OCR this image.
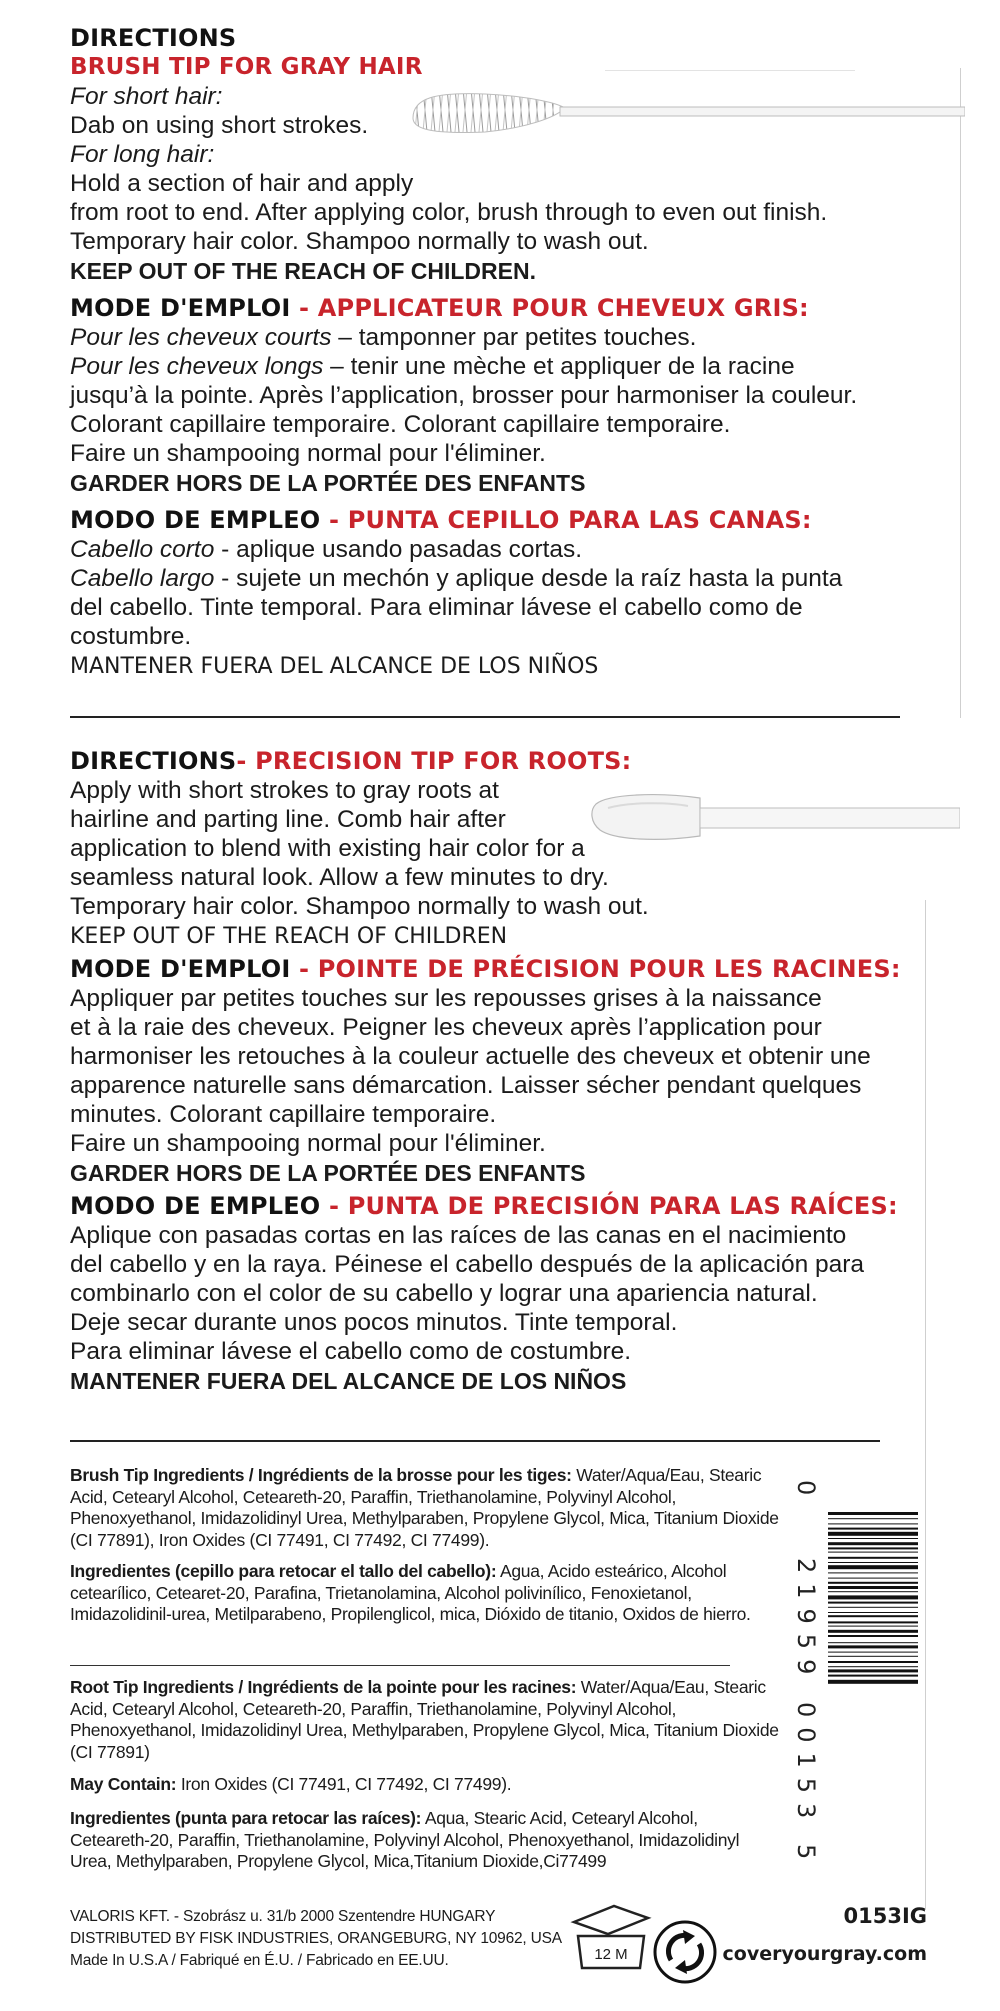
DIRECTIONS
BRUSH TIP FOR GRAY HAIR
For short hair:
Dab on using short strokes.
For long hair:
Hold a section of hair and apply
from root to end. After applying color, brush through to even out finish.
Temporary hair color. Shampoo normally to wash out.
KEEP OUT OF THE REACH OF CHILDREN.
MODE D'EMPLOI - APPLICATEUR POUR CHEVEUX GRIS:
Pour les cheveux courts – tamponner par petites touches.
Pour les cheveux longs – tenir une mèche et appliquer de la racine
jusqu’à la pointe. Après l’application, brosser pour harmoniser la couleur.
Colorant capillaire temporaire. Colorant capillaire temporaire.
Faire un shampooing normal pour l'éliminer.
GARDER HORS DE LA PORTÉE DES ENFANTS
MODO DE EMPLEO - PUNTA CEPILLO PARA LAS CANAS:
Cabello corto - aplique usando pasadas cortas.
Cabello largo - sujete un mechón y aplique desde la raíz hasta la punta
del cabello. Tinte temporal. Para eliminar lávese el cabello como de
costumbre.
MANTENER FUERA DEL ALCANCE DE LOS NIÑOS
DIRECTIONS- PRECISION TIP FOR ROOTS:
Apply with short strokes to gray roots at
hairline and parting line. Comb hair after
application to blend with existing hair color for a
seamless natural look. Allow a few minutes to dry.
Temporary hair color. Shampoo normally to wash out.
KEEP OUT OF THE REACH OF CHILDREN
MODE D'EMPLOI - POINTE DE PRÉCISION POUR LES RACINES:
Appliquer par petites touches sur les repousses grises à la naissance
et à la raie des cheveux. Peigner les cheveux après l’application pour
harmoniser les retouches à la couleur actuelle des cheveux et obtenir une
apparence naturelle sans démarcation. Laisser sécher pendant quelques
minutes. Colorant capillaire temporaire.
Faire un shampooing normal pour l'éliminer.
GARDER HORS DE LA PORTÉE DES ENFANTS
MODO DE EMPLEO - PUNTA DE PRECISIÓN PARA LAS RAÍCES:
Aplique con pasadas cortas en las raíces de las canas en el nacimiento
del cabello y en la raya. Péinese el cabello después de la aplicación para
combinarlo con el color de su cabello y lograr una apariencia natural.
Deje secar durante unos pocos minutos. Tinte temporal.
Para eliminar lávese el cabello como de costumbre.
MANTENER FUERA DEL ALCANCE DE LOS NIÑOS
Brush Tip Ingredients / Ingrédients de la brosse pour les tiges: Water/Aqua/Eau, Stearic Acid, Cetearyl Alcohol, Ceteareth-20, Paraffin, Triethanolamine, Polyvinyl Alcohol, Phenoxyethanol, Imidazolidinyl Urea, Methylparaben, Propylene Glycol, Mica, Titanium Dioxide (CI 77891), Iron Oxides (CI 77491, CI 77492, CI 77499).
Ingredientes (cepillo para retocar el tallo del cabello): Agua, Acido esteárico, Alcohol cetearílico, Cetearet-20, Parafina, Trietanolamina, Alcohol polivinílico, Fenoxietanol, Imidazolidinil-urea, Metilparabeno, Propilenglicol, mica, Dióxido de titanio, Oxidos de hierro.
Root Tip Ingredients / Ingrédients de la pointe pour les racines: Water/Aqua/Eau, Stearic Acid, Cetearyl Alcohol, Ceteareth-20, Paraffin, Triethanolamine, Polyvinyl Alcohol, Phenoxyethanol, Imidazolidinyl Urea, Methylparaben, Propylene Glycol, Mica, Titanium Dioxide (CI 77891)
May Contain: Iron Oxides (CI 77491, CI 77492, CI 77499).
Ingredientes (punta para retocar las raíces): Aqua, Stearic Acid, Cetearyl Alcohol, Ceteareth-20, Paraffin, Triethanolamine, Polyvinyl Alcohol, Phenoxyethanol, Imidazolidinyl Urea, Methylparaben, Propylene Glycol, Mica,Titanium Dioxide,Ci77499
0
21959 00153
5
VALORIS KFT. - Szobrász u. 31/b 2000 Szentendre HUNGARY
DISTRIBUTED BY FISK INDUSTRIES, ORANGEBURG, NY 10962, USA
Made In U.S.A / Fabriqué en É.U. / Fabricado en EE.UU.	12 M
0153IG
coveryourgray.com
